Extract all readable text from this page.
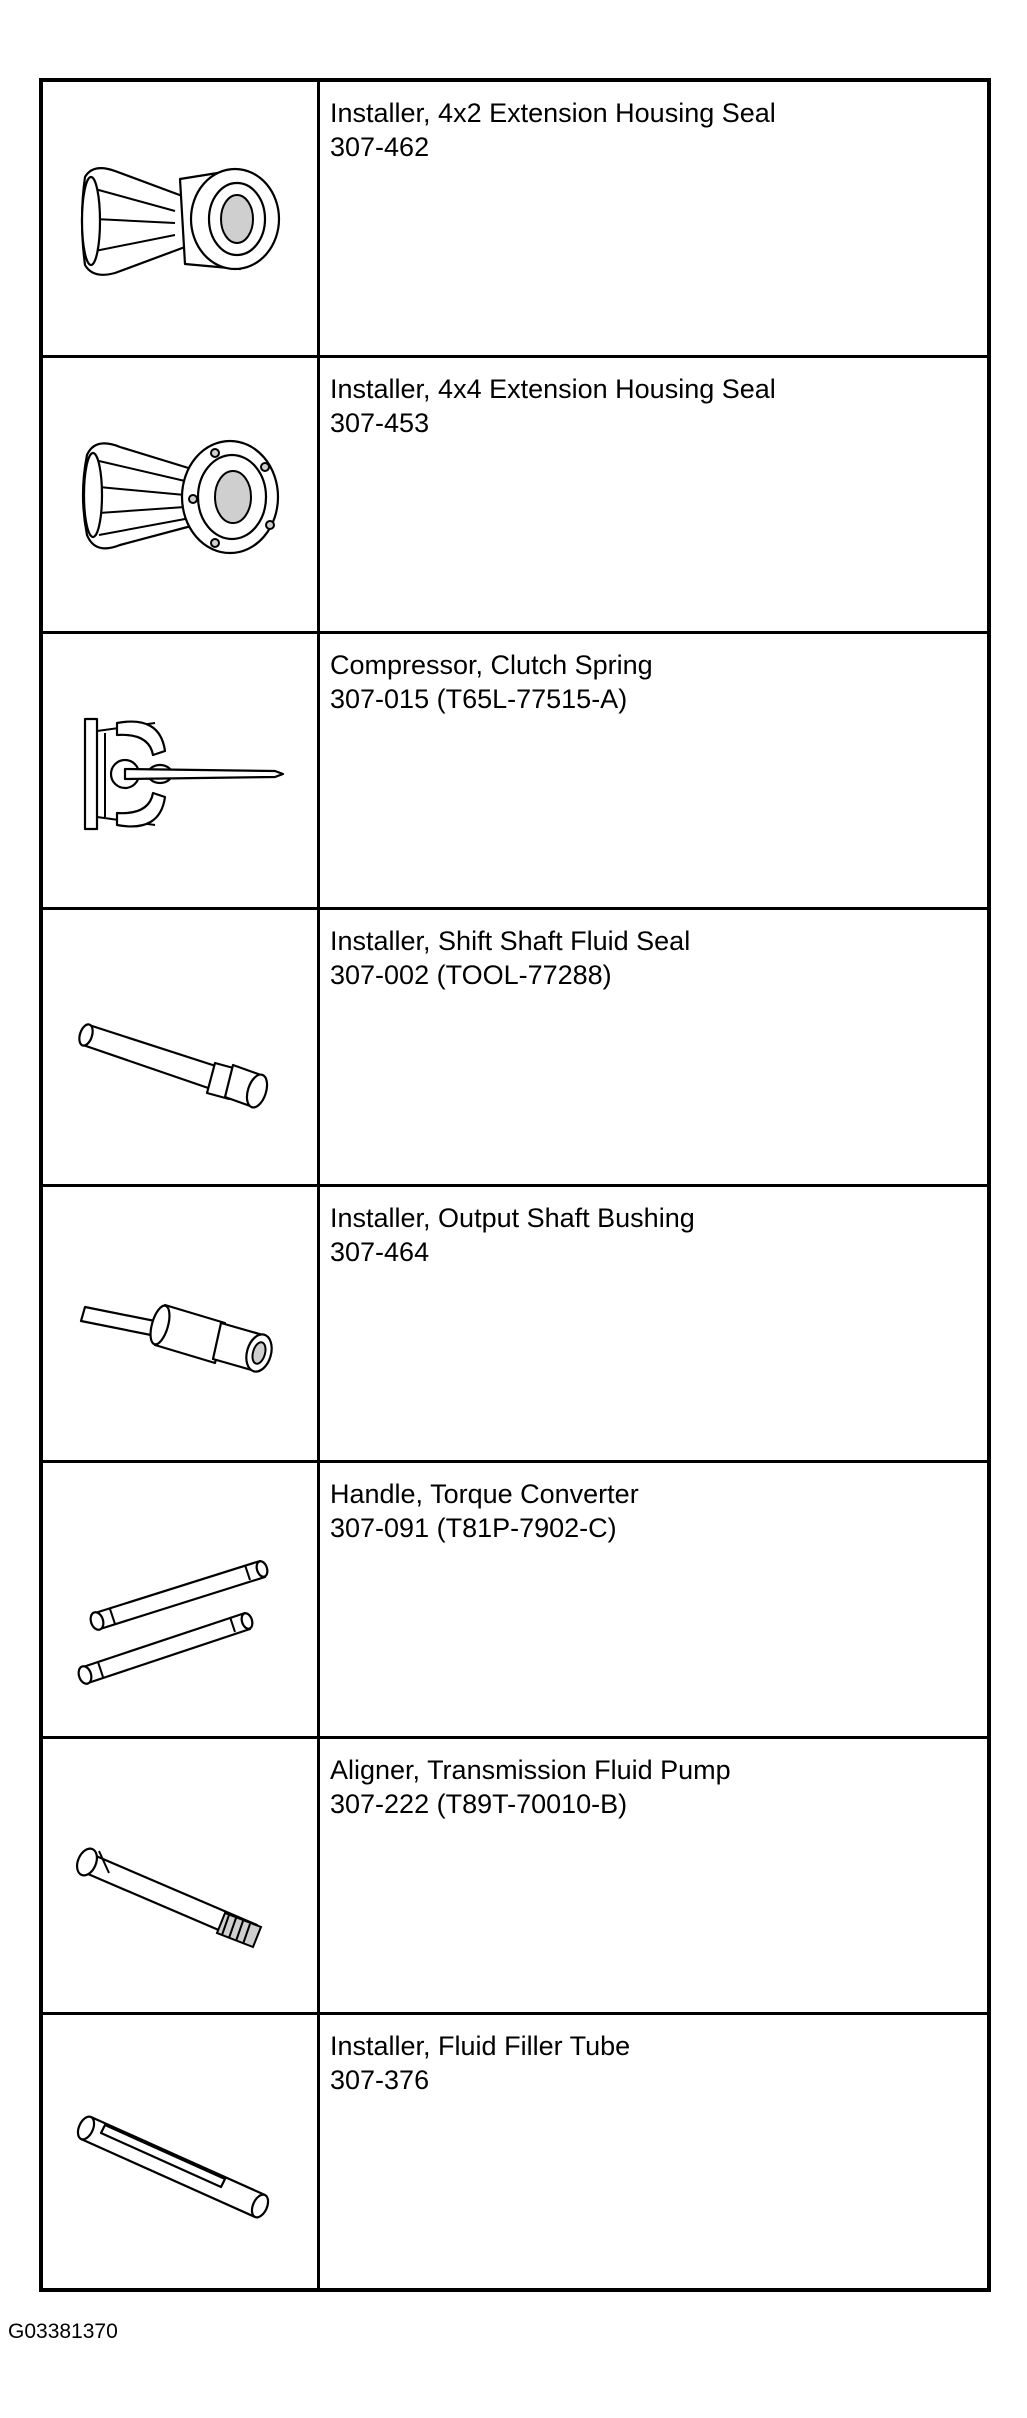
Installer, 4x2 Extension Housing Seal
307-462
Installer, 4x4 Extension Housing Seal
307-453
Compressor, Clutch Spring
307-015 (T65L-77515-A)
Installer, Shift Shaft Fluid Seal
307-002 (TOOL-77288)
Installer, Output Shaft Bushing
307-464
Handle, Torque Converter
307-091 (T81P-7902-C)
Aligner, Transmission Fluid Pump
307-222 (T89T-70010-B)
Installer, Fluid Filler Tube
307-376
G03381370
